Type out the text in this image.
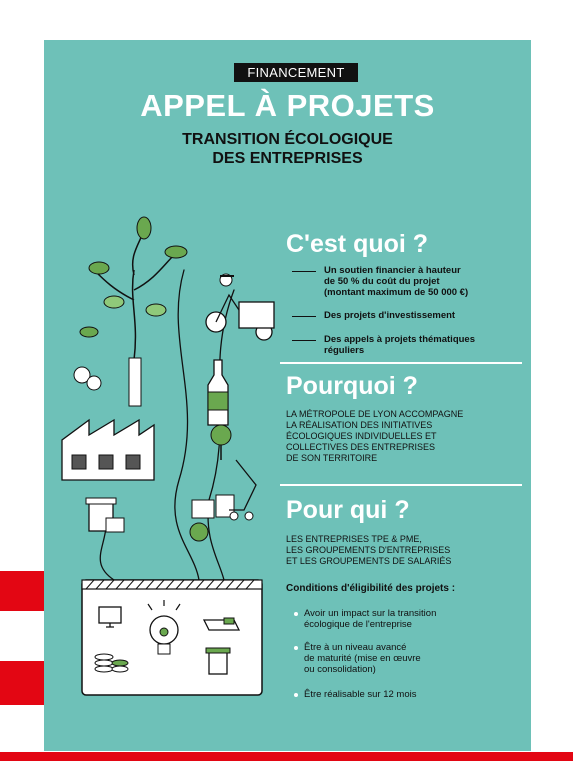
FINANCEMENT
APPEL À PROJETS
TRANSITION ÉCOLOGIQUE
DES ENTREPRISES
C'est quoi ?
Un soutien financier à hauteur
de 50 % du coût du projet
(montant maximum de 50 000 €)
Des projets d'investissement
Des appels à projets thématiques
réguliers
Pourquoi ?
LA MÉTROPOLE DE LYON ACCOMPAGNE
LA RÉALISATION DES INITIATIVES
ÉCOLOGIQUES INDIVIDUELLES ET
COLLECTIVES DES ENTREPRISES
DE SON TERRITOIRE
Pour qui ?
LES ENTREPRISES TPE & PME,
LES GROUPEMENTS D'ENTREPRISES
ET LES GROUPEMENTS DE SALARIÉS
Conditions d'éligibilité des projets :
Avoir un impact sur la transition
écologique de l'entreprise
Être à un niveau avancé
de maturité (mise en œuvre
ou consolidation)
Être réalisable sur 12 mois
